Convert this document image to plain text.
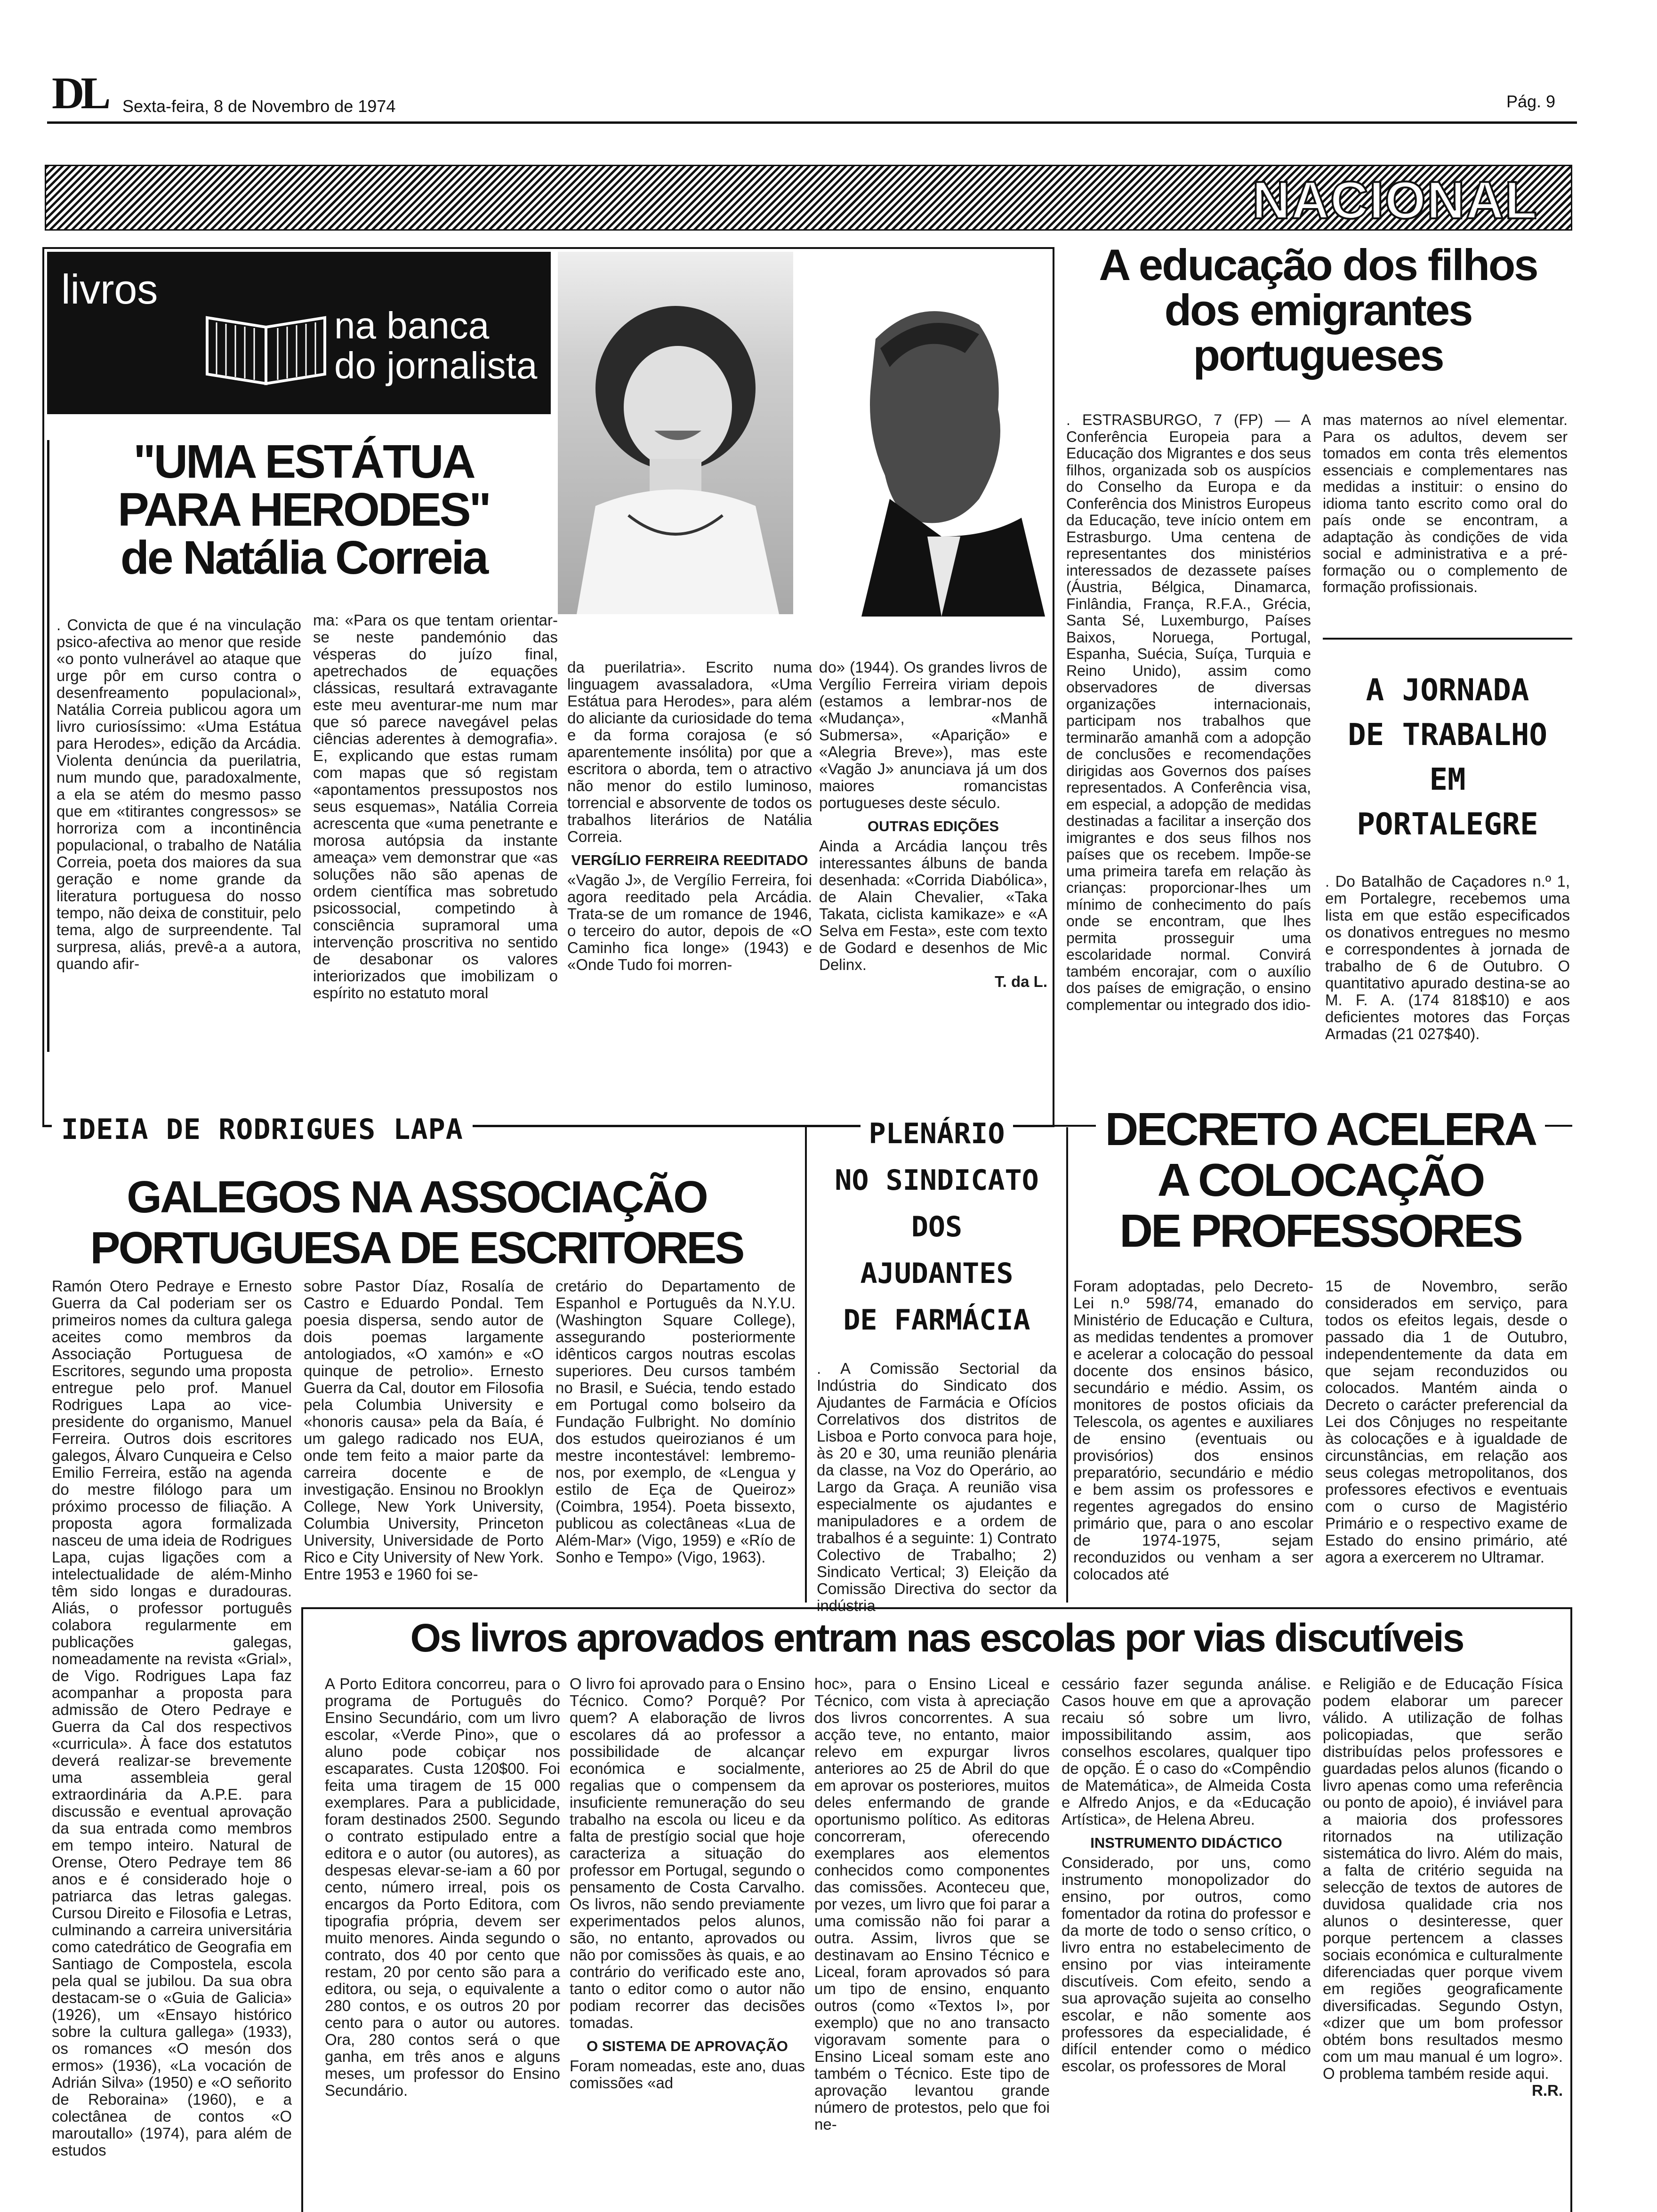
DL Sexta-feira, 8 de Novembro de 1974	Pág. 9
NACIONAL
livros
na banca
do jornalista
"UMA ESTÁTUA
PARA HERODES"
de Natália Correia

. Convicta de que é na vinculação psico-afectiva ao menor que reside «o ponto vulnerável ao ataque que urge pôr em curso contra o desenfreamento populacional», Natália Correia publicou agora um livro curiosíssimo: «Uma Estátua para Herodes», edição da Arcádia. Violenta denúncia da puerilatria, num mundo que, paradoxalmente, a ela se atém do mesmo passo que em «titirantes congressos» se horroriza com a incontinência populacional, o trabalho de Natália Correia, poeta dos maiores da sua geração e nome grande da literatura portuguesa do nosso tempo, não deixa de constituir, pelo tema, algo de surpreendente. Tal surpresa, aliás, prevê-a a autora, quando afir-

ma: «Para os que tentam orientar-se neste pandemónio das vésperas do juízo final, apetrechados de equações clássicas, resultará extravagante este meu aventurar-me num mar que só parece navegável pelas ciências aderentes à demografia». E, explicando que estas rumam com mapas que só registam «apontamentos pressupostos nos seus esquemas», Natália Correia acrescenta que «uma penetrante e morosa autópsia da instante ameaça» vem demonstrar que «as soluções não são apenas de ordem científica mas sobretudo psicossocial, competindo à consciência supramoral uma intervenção proscritiva no sentido de desabonar os valores interiorizados que imobilizam o espírito no estatuto moral

da puerilatria». Escrito numa linguagem avassaladora, «Uma Estátua para Herodes», para além do aliciante da curiosidade do tema e da forma corajosa (e só aparentemente insólita) por que a escritora o aborda, tem o atractivo não menor do estilo luminoso, torrencial e absorvente de todos os trabalhos literários de Natália Correia.

VERGÍLIO FERREIRA REEDITADO

«Vagão J», de Vergílio Ferreira, foi agora reeditado pela Arcádia. Trata-se de um romance de 1946, o terceiro do autor, depois de «O Caminho fica longe» (1943) e «Onde Tudo foi morren-

do» (1944). Os grandes livros de Vergílio Ferreira viriam depois (estamos a lembrar-nos de «Mudança», «Manhã Submersa», «Aparição» e «Alegria Breve»), mas este «Vagão J» anunciava já um dos maiores romancistas portugueses deste século.

OUTRAS EDIÇÕES

Ainda a Arcádia lançou três interessantes álbuns de banda desenhada: «Corrida Diabólica», de Alain Chevalier, «Taka Takata, ciclista kamikaze» e «A Selva em Festa», este com texto de Godard e desenhos de Mic Delinx.

T. da L.
A educação dos filhos
dos emigrantes
portugueses

. ESTRASBURGO, 7 (FP) — A Conferência Europeia para a Educação dos Migrantes e dos seus filhos, organizada sob os auspícios do Conselho da Europa e da Conferência dos Ministros Europeus da Educação, teve início ontem em Estrasburgo. Uma centena de representantes dos ministérios interessados de dezassete países (Áustria, Bélgica, Dinamarca, Finlândia, França, R.F.A., Grécia, Santa Sé, Luxemburgo, Países Baixos, Noruega, Portugal, Espanha, Suécia, Suíça, Turquia e Reino Unido), assim como observadores de diversas organizações internacionais, participam nos trabalhos que terminarão amanhã com a adopção de conclusões e recomendações dirigidas aos Governos dos países representados. A Conferência visa, em especial, a adopção de medidas destinadas a facilitar a inserção dos imigrantes e dos seus filhos nos países que os recebem. Impõe-se uma primeira tarefa em relação às crianças: proporcionar-lhes um mínimo de conhecimento do país onde se encontram, que lhes permita prosseguir uma escolaridade normal. Convirá também encorajar, com o auxílio dos países de emigração, o ensino complementar ou integrado dos idio-

mas maternos ao nível elementar. Para os adultos, devem ser tomados em conta três elementos essenciais e complementares nas medidas a instituir: o ensino do idioma tanto escrito como oral do país onde se encontram, a adaptação às condições de vida social e administrativa e a pré-formação ou o complemento de formação profissionais.

A JORNADA
DE TRABALHO
EM
PORTALEGRE

. Do Batalhão de Caçadores n.º 1, em Portalegre, recebemos uma lista em que estão especificados os donativos entregues no mesmo e correspondentes à jornada de trabalho de 6 de Outubro. O quantitativo apurado destina-se ao M. F. A. (174 818$10) e aos deficientes motores das Forças Armadas (21 027$40).

IDEIA DE RODRIGUES LAPA
GALEGOS NA ASSOCIAÇÃO
PORTUGUESA DE ESCRITORES

Ramón Otero Pedraye e Ernesto Guerra da Cal poderiam ser os primeiros nomes da cultura galega aceites como membros da Associação Portuguesa de Escritores, segundo uma proposta entregue pelo prof. Manuel Rodrigues Lapa ao vice-presidente do organismo, Manuel Ferreira. Outros dois escritores galegos, Álvaro Cunqueira e Celso Emilio Ferreira, estão na agenda do mestre filólogo para um próximo processo de filiação. A proposta agora formalizada nasceu de uma ideia de Rodrigues Lapa, cujas ligações com a intelectualidade de além-Minho têm sido longas e duradouras. Aliás, o professor português colabora regularmente em publicações galegas, nomeadamente na revista «Grial», de Vigo. Rodrigues Lapa faz acompanhar a proposta para admissão de Otero Pedraye e Guerra da Cal dos respectivos «curricula». À face dos estatutos deverá realizar-se brevemente uma assembleia geral extraordinária da A.P.E. para discussão e eventual aprovação da sua entrada como membros em tempo inteiro. Natural de Orense, Otero Pedraye tem 86 anos e é considerado hoje o patriarca das letras galegas. Cursou Direito e Filosofia e Letras, culminando a carreira universitária como catedrático de Geografia em Santiago de Compostela, escola pela qual se jubilou. Da sua obra destacam-se o «Guia de Galicia» (1926), um «Ensayo histórico sobre la cultura gallega» (1933), os romances «O mesón dos ermos» (1936), «La vocación de Adrián Silva» (1950) e «O señorito de Reboraina» (1960), e a colectânea de contos «O maroutallo» (1974), para além de estudos

sobre Pastor Díaz, Rosalía de Castro e Eduardo Pondal. Tem poesia dispersa, sendo autor de dois poemas largamente antologiados, «O xamón» e «O quinque de petrolio». Ernesto Guerra da Cal, doutor em Filosofia pela Columbia University e «honoris causa» pela da Baía, é um galego radicado nos EUA, onde tem feito a maior parte da carreira docente e de investigação. Ensinou no Brooklyn College, New York University, Columbia University, Princeton University, Universidade de Porto Rico e City University of New York. Entre 1953 e 1960 foi se-

cretário do Departamento de Espanhol e Português da N.Y.U. (Washington Square College), assegurando posteriormente idênticos cargos noutras escolas superiores. Deu cursos também no Brasil, e Suécia, tendo estado em Portugal como bolseiro da Fundação Fulbright. No domínio dos estudos queirozianos é um mestre incontestável: lembremo-nos, por exemplo, de «Lengua y estilo de Eça de Queiroz» (Coimbra, 1954). Poeta bissexto, publicou as colectâneas «Lua de Além-Mar» (Vigo, 1959) e «Río de Sonho e Tempo» (Vigo, 1963).

PLENÁRIO
NO SINDICATO
DOS
AJUDANTES
DE FARMÁCIA

. A Comissão Sectorial da Indústria do Sindicato dos Ajudantes de Farmácia e Ofícios Correlativos dos distritos de Lisboa e Porto convoca para hoje, às 20 e 30, uma reunião plenária da classe, na Voz do Operário, ao Largo da Graça. A reunião visa especialmente os ajudantes e manipuladores e a ordem de trabalhos é a seguinte: 1) Contrato Colectivo de Trabalho; 2) Sindicato Vertical; 3) Eleição da Comissão Directiva do sector da indústria

DECRETO ACELERA
A COLOCAÇÃO
DE PROFESSORES

Foram adoptadas, pelo Decreto-Lei n.º 598/74, emanado do Ministério de Educação e Cultura, as medidas tendentes a promover e acelerar a colocação do pessoal docente dos ensinos básico, secundário e médio. Assim, os monitores de postos oficiais da Telescola, os agentes e auxiliares de ensino (eventuais ou provisórios) dos ensinos preparatório, secundário e médio e bem assim os professores e regentes agregados do ensino primário que, para o ano escolar de 1974-1975, sejam reconduzidos ou venham a ser colocados até

15 de Novembro, serão considerados em serviço, para todos os efeitos legais, desde o passado dia 1 de Outubro, independentemente da data em que sejam reconduzidos ou colocados. Mantém ainda o Decreto o carácter preferencial da Lei dos Cônjuges no respeitante às colocações e à igualdade de circunstâncias, em relação aos seus colegas metropolitanos, dos professores efectivos e eventuais com o curso de Magistério Primário e o respectivo exame de Estado do ensino primário, até agora a exercerem no Ultramar.

Os livros aprovados entram nas escolas por vias discutíveis

A Porto Editora concorreu, para o programa de Português do Ensino Secundário, com um livro escolar, «Verde Pino», que o aluno pode cobiçar nos escaparates. Custa 120$00. Foi feita uma tiragem de 15 000 exemplares. Para a publicidade, foram destinados 2500. Segundo o contrato estipulado entre a editora e o autor (ou autores), as despesas elevar-se-iam a 60 por cento, número irreal, pois os encargos da Porto Editora, com tipografia própria, devem ser muito menores. Ainda segundo o contrato, dos 40 por cento que restam, 20 por cento são para a editora, ou seja, o equivalente a 280 contos, e os outros 20 por cento para o autor ou autores. Ora, 280 contos será o que ganha, em três anos e alguns meses, um professor do Ensino Secundário.

O livro foi aprovado para o Ensino Técnico. Como? Porquê? Por quem? A elaboração de livros escolares dá ao professor a possibilidade de alcançar económica e socialmente, regalias que o compensem da insuficiente remuneração do seu trabalho na escola ou liceu e da falta de prestígio social que hoje caracteriza a situação do professor em Portugal, segundo o pensamento de Costa Carvalho. Os livros, não sendo previamente experimentados pelos alunos, são, no entanto, aprovados ou não por comissões às quais, e ao contrário do verificado este ano, tanto o editor como o autor não podiam recorrer das decisões tomadas.

O SISTEMA DE APROVAÇÃO

Foram nomeadas, este ano, duas comissões «ad

hoc», para o Ensino Liceal e Técnico, com vista à apreciação dos livros concorrentes. A sua acção teve, no entanto, maior relevo em expurgar livros anteriores ao 25 de Abril do que em aprovar os posteriores, muitos deles enfermando de grande oportunismo político. As editoras concorreram, oferecendo exemplares aos elementos conhecidos como componentes das comissões. Aconteceu que, por vezes, um livro que foi parar a uma comissão não foi parar a outra. Assim, livros que se destinavam ao Ensino Técnico e Liceal, foram aprovados só para um tipo de ensino, enquanto outros (como «Textos I», por exemplo) que no ano transacto vigoravam somente para o Ensino Liceal somam este ano também o Técnico. Este tipo de aprovação levantou grande número de protestos, pelo que foi ne-

cessário fazer segunda análise. Casos houve em que a aprovação recaiu só sobre um livro, impossibilitando assim, aos conselhos escolares, qualquer tipo de opção. É o caso do «Compêndio de Matemática», de Almeida Costa e Alfredo Anjos, e da «Educação Artística», de Helena Abreu.

INSTRUMENTO DIDÁCTICO

Considerado, por uns, como instrumento monopolizador do ensino, por outros, como fomentador da rotina do professor e da morte de todo o senso crítico, o livro entra no estabelecimento de ensino por vias inteiramente discutíveis. Com efeito, sendo a sua aprovação sujeita ao conselho escolar, e não somente aos professores da especialidade, é difícil entender como o médico escolar, os professores de Moral

e Religião e de Educação Física podem elaborar um parecer válido. A utilização de folhas policopiadas, que serão distribuídas pelos professores e guardadas pelos alunos (ficando o livro apenas como uma referência ou ponto de apoio), é inviável para a maioria dos professores ritornados na utilização sistemática do livro. Além do mais, a falta de critério seguida na selecção de textos de autores de duvidosa qualidade cria nos alunos o desinteresse, quer porque pertencem a classes sociais económica e culturalmente diferenciadas quer porque vivem em regiões geograficamente diversificadas. Segundo Ostyn, «dizer que um bom professor obtém bons resultados mesmo com um mau manual é um logro». O problema também reside aqui.

R.R.
